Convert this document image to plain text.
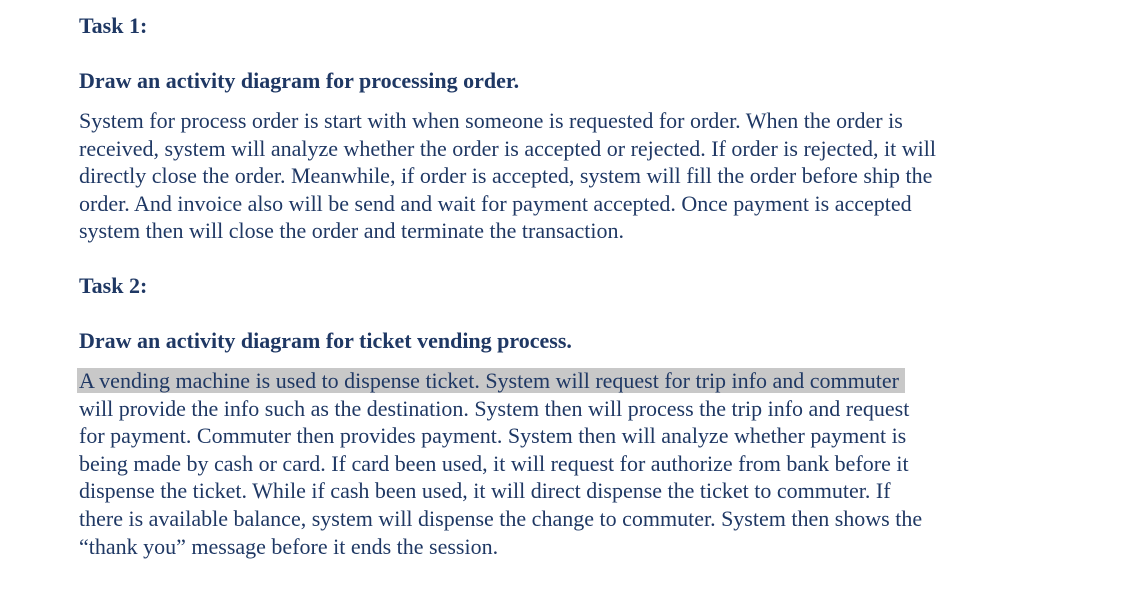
Task 1:
Draw an activity diagram for processing order.
System for process order is start with when someone is requested for order. When the order is
received, system will analyze whether the order is accepted or rejected. If order is rejected, it will
directly close the order. Meanwhile, if order is accepted, system will fill the order before ship the
order. And invoice also will be send and wait for payment accepted. Once payment is accepted
system then will close the order and terminate the transaction.
Task 2:
Draw an activity diagram for ticket vending process.
A vending machine is used to dispense ticket. System will request for trip info and commuter
will provide the info such as the destination. System then will process the trip info and request
for payment. Commuter then provides payment. System then will analyze whether payment is
being made by cash or card. If card been used, it will request for authorize from bank before it
dispense the ticket. While if cash been used, it will direct dispense the ticket to commuter. If
there is available balance, system will dispense the change to commuter. System then shows the
“thank you” message before it ends the session.
